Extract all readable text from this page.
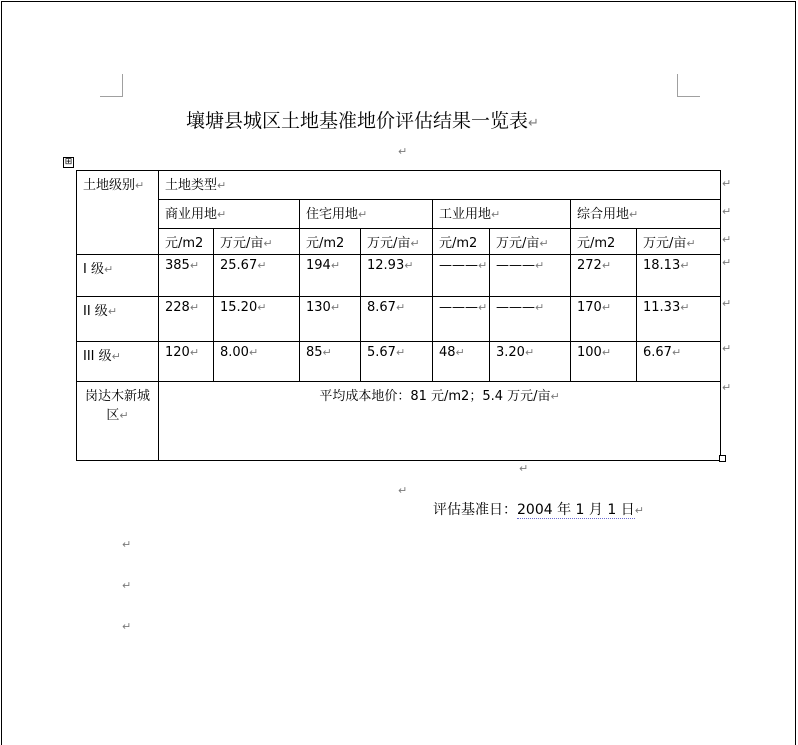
壤塘县城区土地基准地价评估结果一览表↵
↵
⊞
土地级别↵	土地类型↵							
	商业用地↵		住宅用地↵		工业用地↵		综合用地↵	
	元/m2	万元/亩↵	元/m2	万元/亩↵	元/m2	万元/亩↵	元/m2	万元/亩↵
I 级↵	385↵	25.67↵	194↵	12.93↵	———↵	———↵	272↵	18.13↵
II 级↵	228↵	15.20↵	130↵	8.67↵	———↵	———↵	170↵	11.33↵
III 级↵	120↵	8.00↵	85↵	5.67↵	48↵	3.20↵	100↵	6.67↵
岗达木新城区↵	平均成本地价：81 元/m2；5.4 万元/亩↵							
↵
↵
↵
↵
↵
↵
↵
↵
↵
评估基准日：2004 年 1 月 1 日↵
↵
↵
↵
